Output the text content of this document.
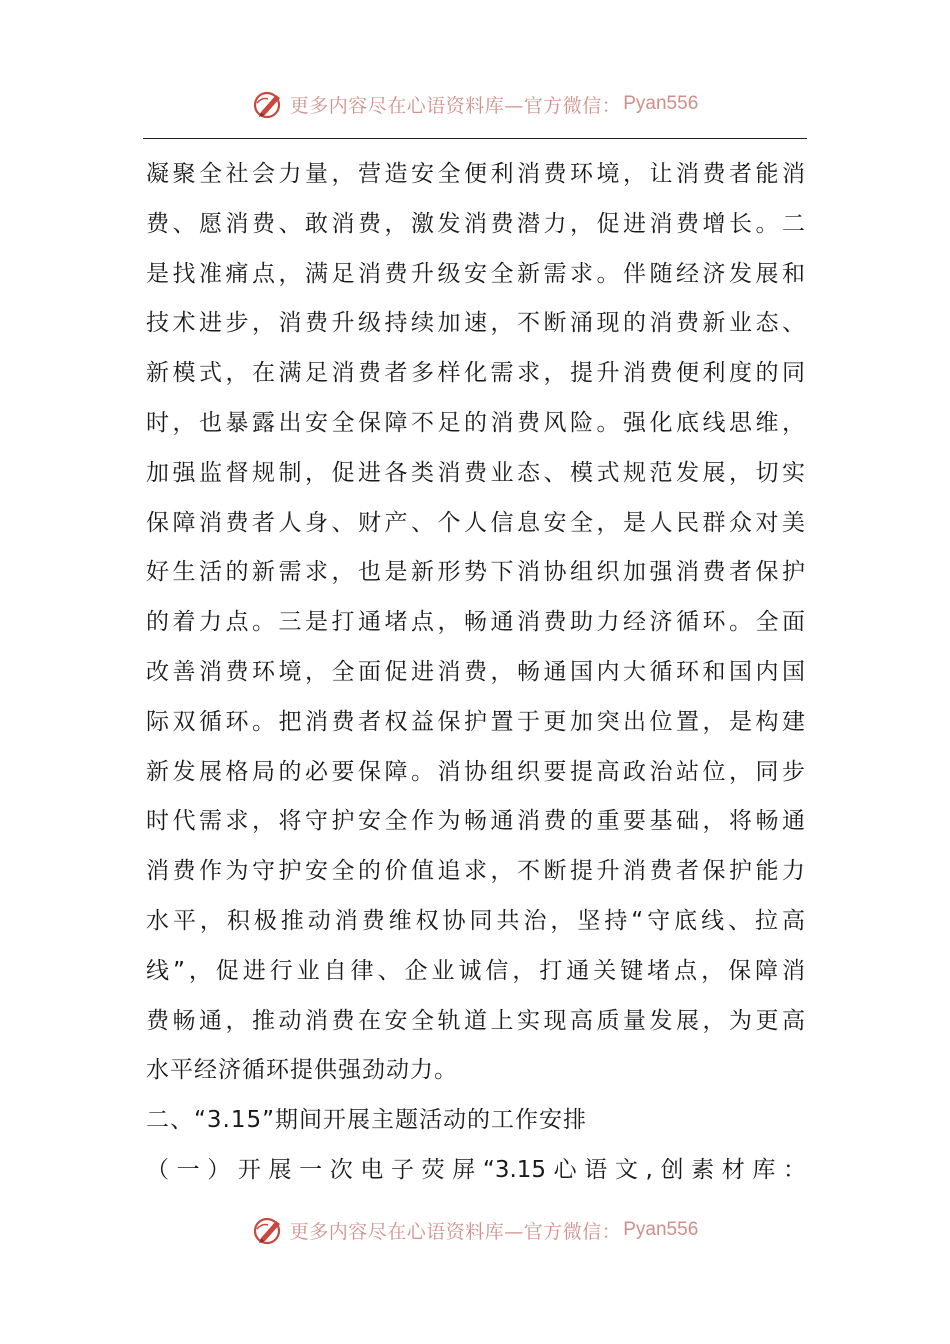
更多内容尽在心语资料库—官方微信： Pyan556
凝聚全社会力量，营造安全便利消费环境，让消费者能消
费、愿消费、敢消费，激发消费潜力，促进消费增长。二
是找准痛点，满足消费升级安全新需求。伴随经济发展和
技术进步，消费升级持续加速，不断涌现的消费新业态、
新模式，在满足消费者多样化需求，提升消费便利度的同
时，也暴露出安全保障不足的消费风险。强化底线思维，
加强监督规制，促进各类消费业态、模式规范发展，切实
保障消费者人身、财产、个人信息安全，是人民群众对美
好生活的新需求，也是新形势下消协组织加强消费者保护
的着力点。三是打通堵点，畅通消费助力经济循环。全面
改善消费环境，全面促进消费，畅通国内大循环和国内国
际双循环。把消费者权益保护置于更加突出位置，是构建
新发展格局的必要保障。消协组织要提高政治站位，同步
时代需求，将守护安全作为畅通消费的重要基础，将畅通
消费作为守护安全的价值追求，不断提升消费者保护能力
水平，积极推动消费维权协同共治，坚持“守底线、拉高
线”，促进行业自律、企业诚信，打通关键堵点，保障消
费畅通，推动消费在安全轨道上实现高质量发展，为更高
水平经济循环提供强劲动力。
二、“3.15”期间开展主题活动的工作安排
（一）开展一次电子荧屏“3.15心语文,创素材库：
更多内容尽在心语资料库—官方微信： Pyan556
